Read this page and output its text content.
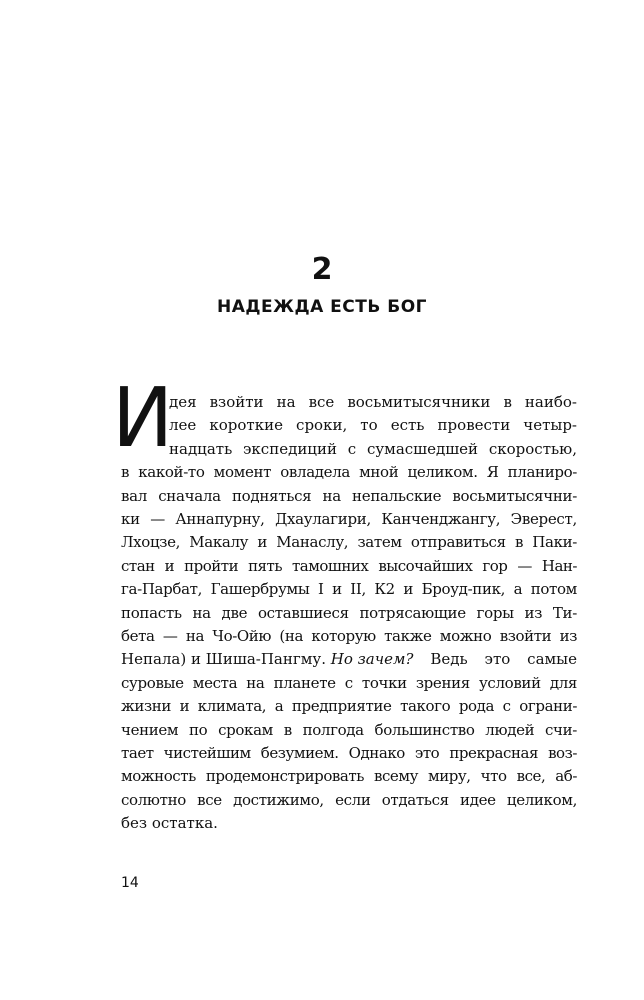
2
НАДЕЖДА ЕСТЬ БОГ
И
дея взойти на все восьмитысячники в наибо-
лее короткие сроки, то есть провести четыр-
надцать экспедиций с сумасшедшей скоростью,
в какой-то момент овладела мной целиком. Я планиро-
вал сначала подняться на непальские восьмитысячни-
ки — Аннапурну, Дхаулагири, Канченджангу, Эверест,
Лхоцзе, Макалу и Манаслу, затем отправиться в Паки-
стан и пройти пять тамошних высочайших гор — Нан-
га-Парбат, Гашербрумы I и II, К2 и Броуд-пик, а потом
попасть на две оставшиеся потрясающие горы из Ти-
бета — на Чо-Ойю (на которую также можно взойти из
Непала) и Шиша-Пангму. Но зачем? Ведь это самые
суровые места на планете с точки зрения условий для
жизни и климата, а предприятие такого рода с ограни-
чением по срокам в полгода большинство людей счи-
тает чистейшим безумием. Однако это прекрасная воз-
можность продемонстрировать всему миру, что все, аб-
солютно все достижимо, если отдаться идее целиком,
без остатка.
14
